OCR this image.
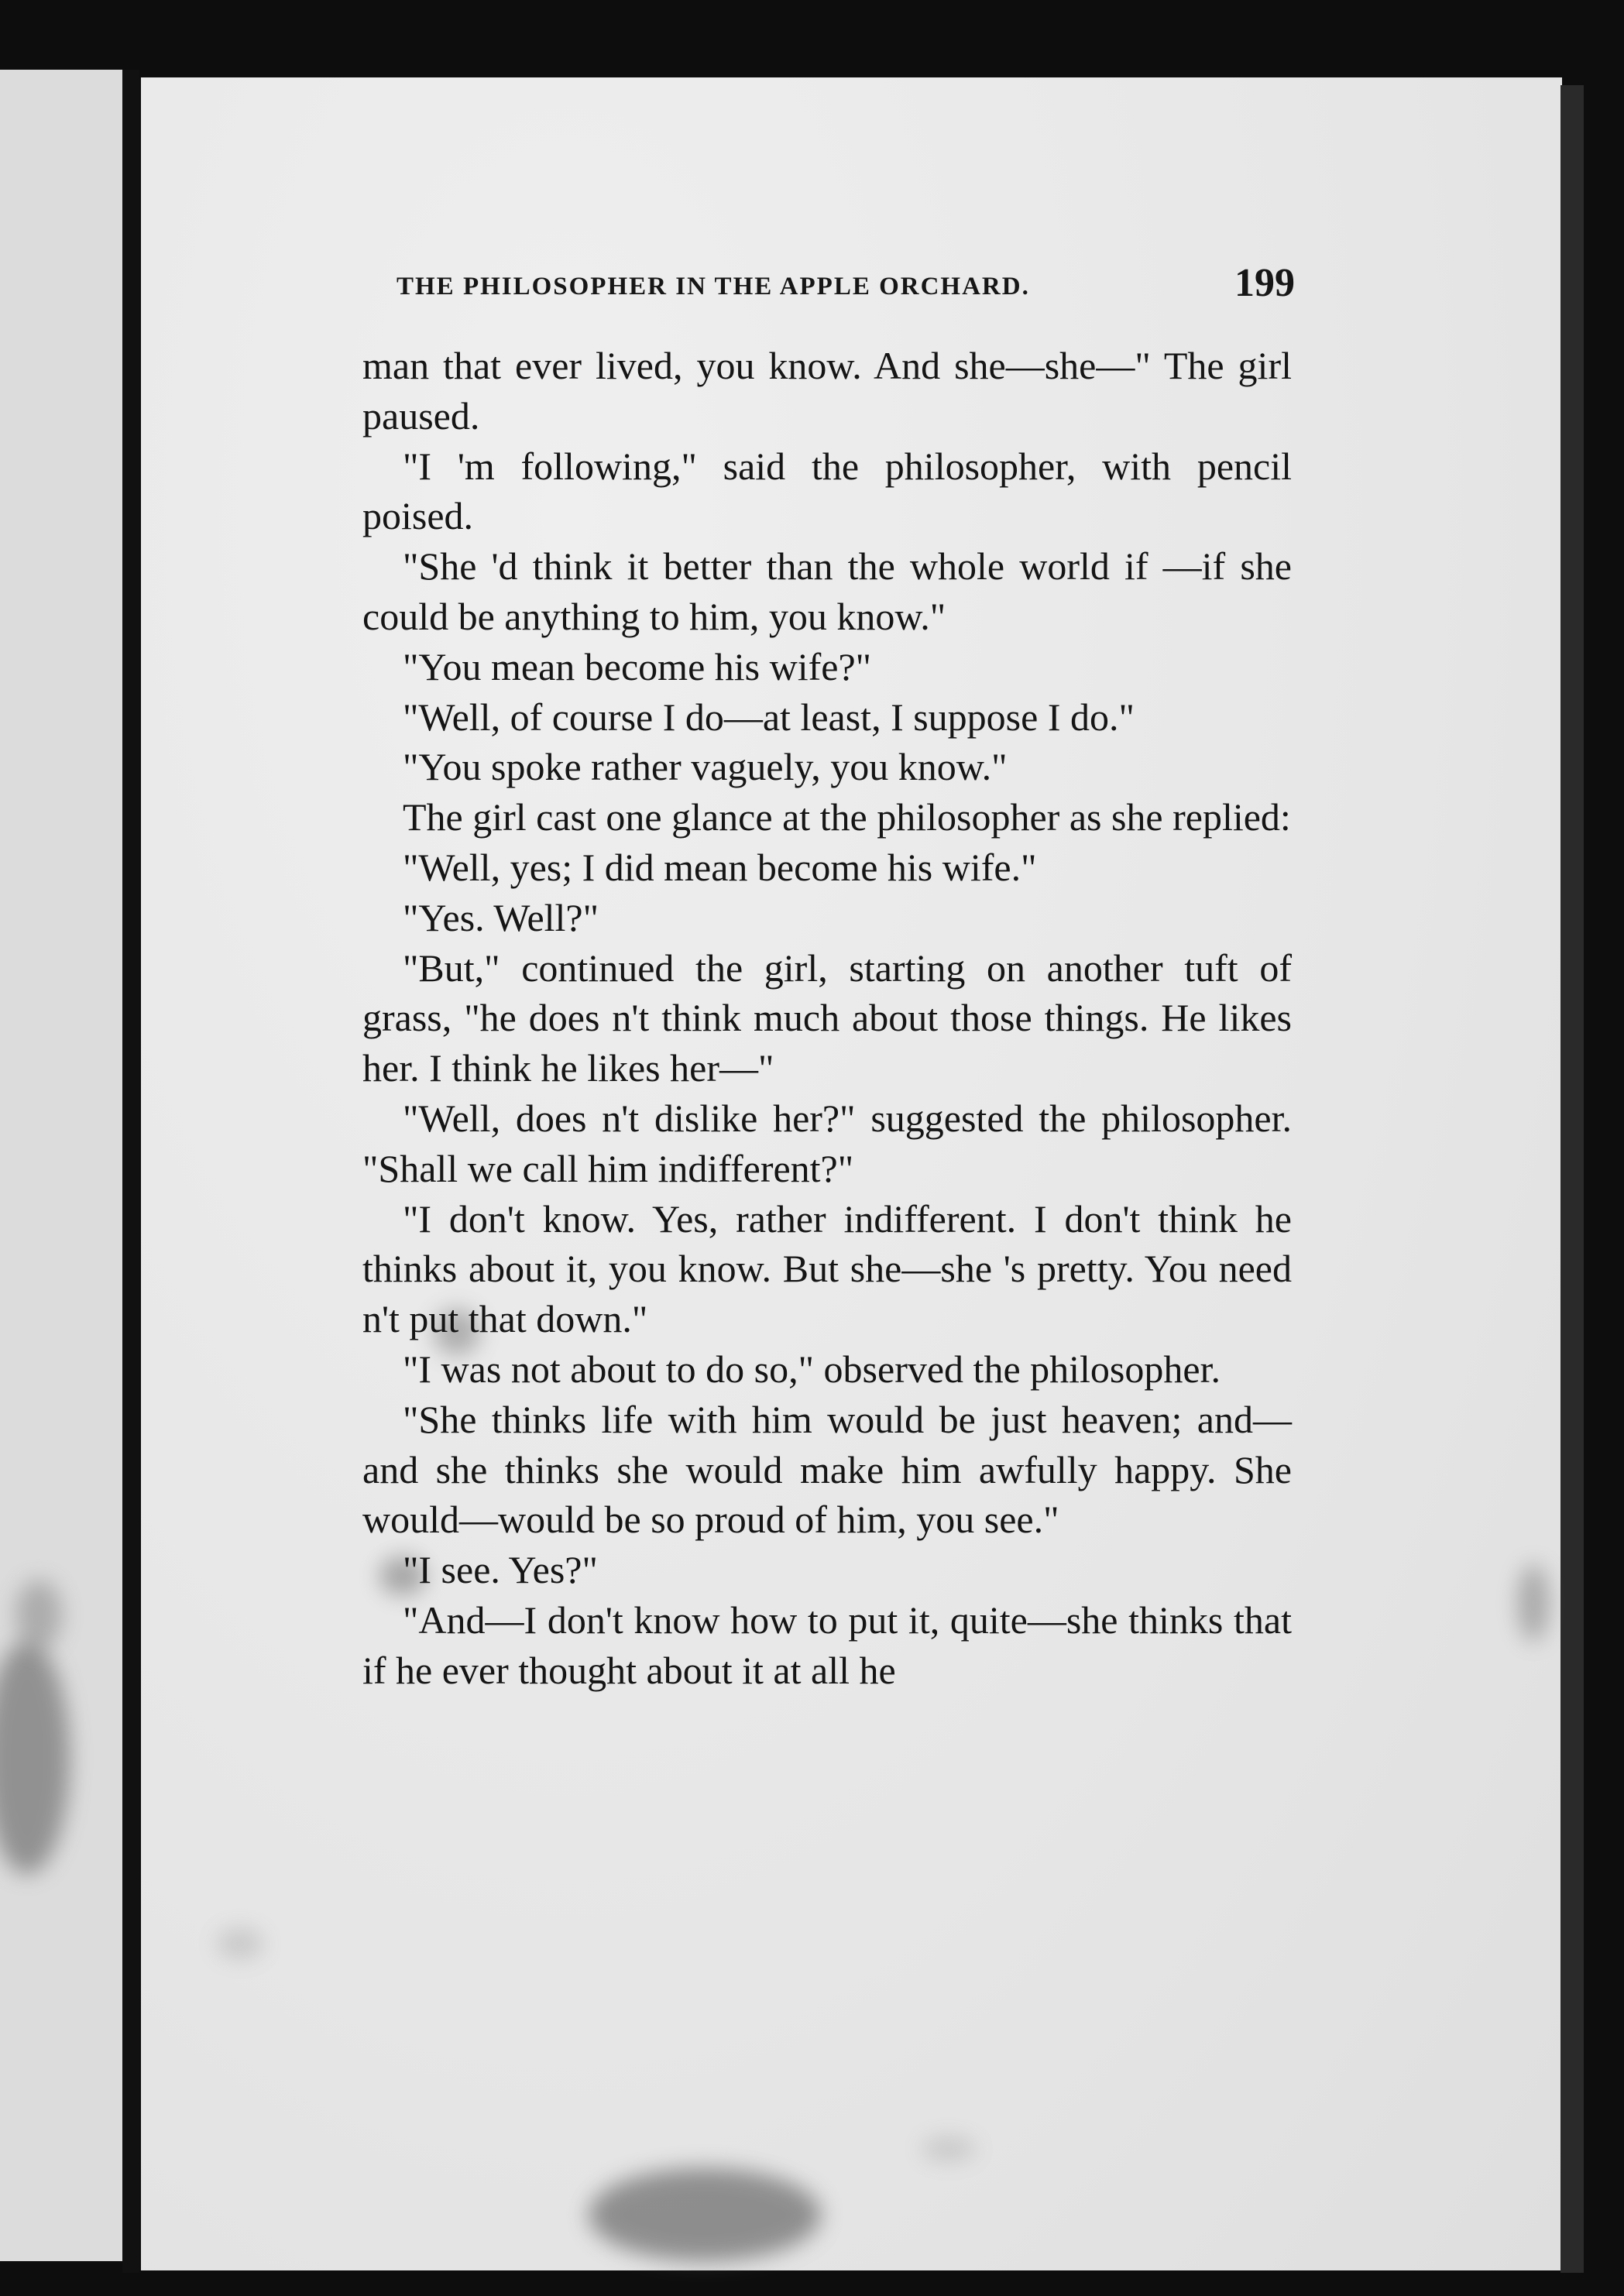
THE PHILOSOPHER IN THE APPLE ORCHARD.	199

man that ever lived, you know. And she—she—" The girl paused.

"I 'm following," said the philosopher, with pencil poised.

"She 'd think it better than the whole world if —if she could be anything to him, you know."

"You mean become his wife?"

"Well, of course I do—at least, I suppose I do."

"You spoke rather vaguely, you know."

The girl cast one glance at the philosopher as she replied:

"Well, yes; I did mean become his wife."

"Yes. Well?"

"But," continued the girl, starting on another tuft of grass, "he does n't think much about those things. He likes her. I think he likes her—"

"Well, does n't dislike her?" suggested the philosopher. "Shall we call him indifferent?"

"I don't know. Yes, rather indifferent. I don't think he thinks about it, you know. But she—she 's pretty. You need n't put that down."

"I was not about to do so," observed the philosopher.

"She thinks life with him would be just heaven; and—and she thinks she would make him awfully happy. She would—would be so proud of him, you see."

"I see. Yes?"

"And—I don't know how to put it, quite—she thinks that if he ever thought about it at all he
